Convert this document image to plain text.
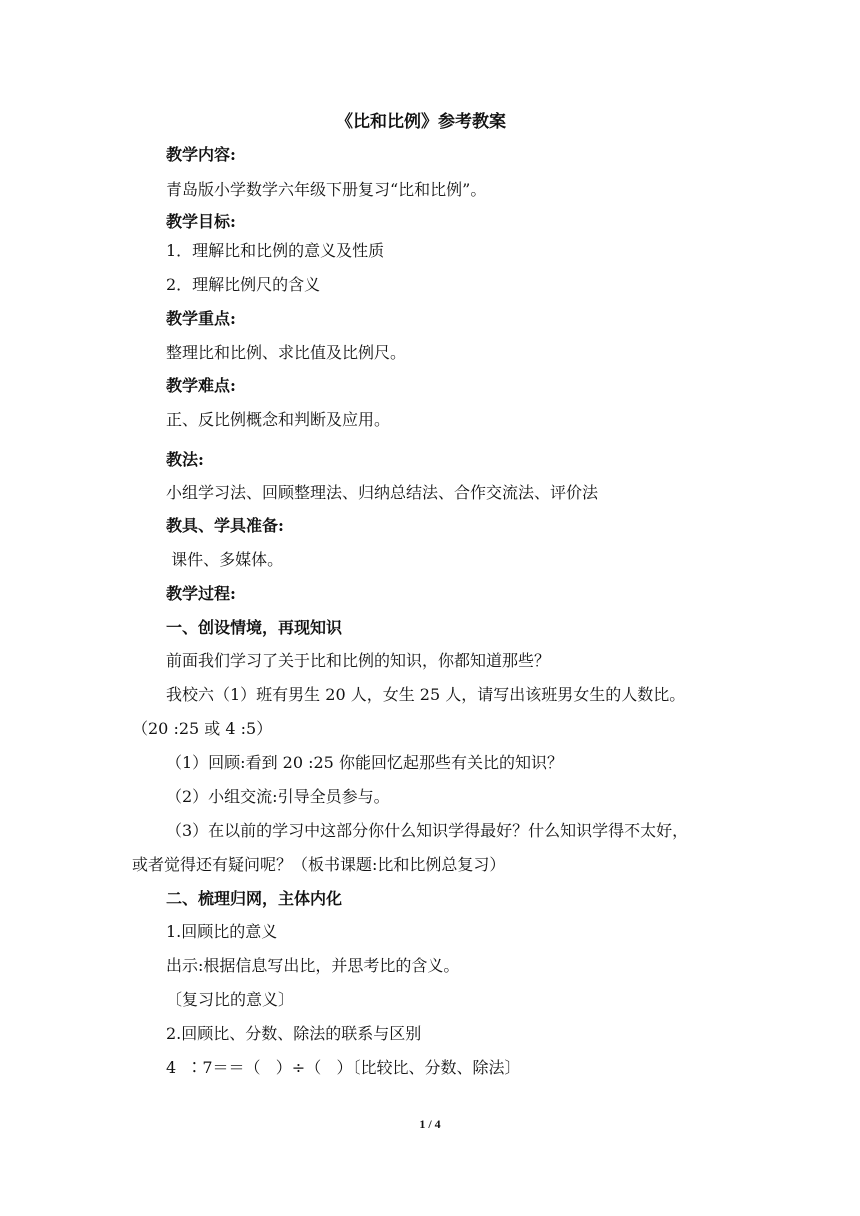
《比和比例》参考教案
教学内容:
青岛版小学数学六年级下册复习“比和比例”。
教学目标:
1．理解比和比例的意义及性质
2．理解比例尺的含义
教学重点:
整理比和比例、求比值及比例尺。
教学难点:
正、反比例概念和判断及应用。
教法:
小组学习法、回顾整理法、归纳总结法、合作交流法、评价法
教具、学具准备:
课件、多媒体。
教学过程:
一、创设情境，再现知识
前面我们学习了关于比和比例的知识，你都知道那些？
我校六（1）班有男生 20 人，女生 25 人，请写出该班男女生的人数比。
（20 :25 或 4 :5）
（1）回顾:看到 20 :25 你能回忆起那些有关比的知识？
（2）小组交流:引导全员参与。
（3）在以前的学习中这部分你什么知识学得最好？什么知识学得不太好，
或者觉得还有疑问呢？（板书课题:比和比例总复习）
二、梳理归网，主体内化
1.回顾比的意义
出示:根据信息写出比，并思考比的含义。
〔复习比的意义〕
2.回顾比、分数、除法的联系与区别
4  ∶7＝＝（   ）÷（   ）〔比较比、分数、除法〕
1 / 4
